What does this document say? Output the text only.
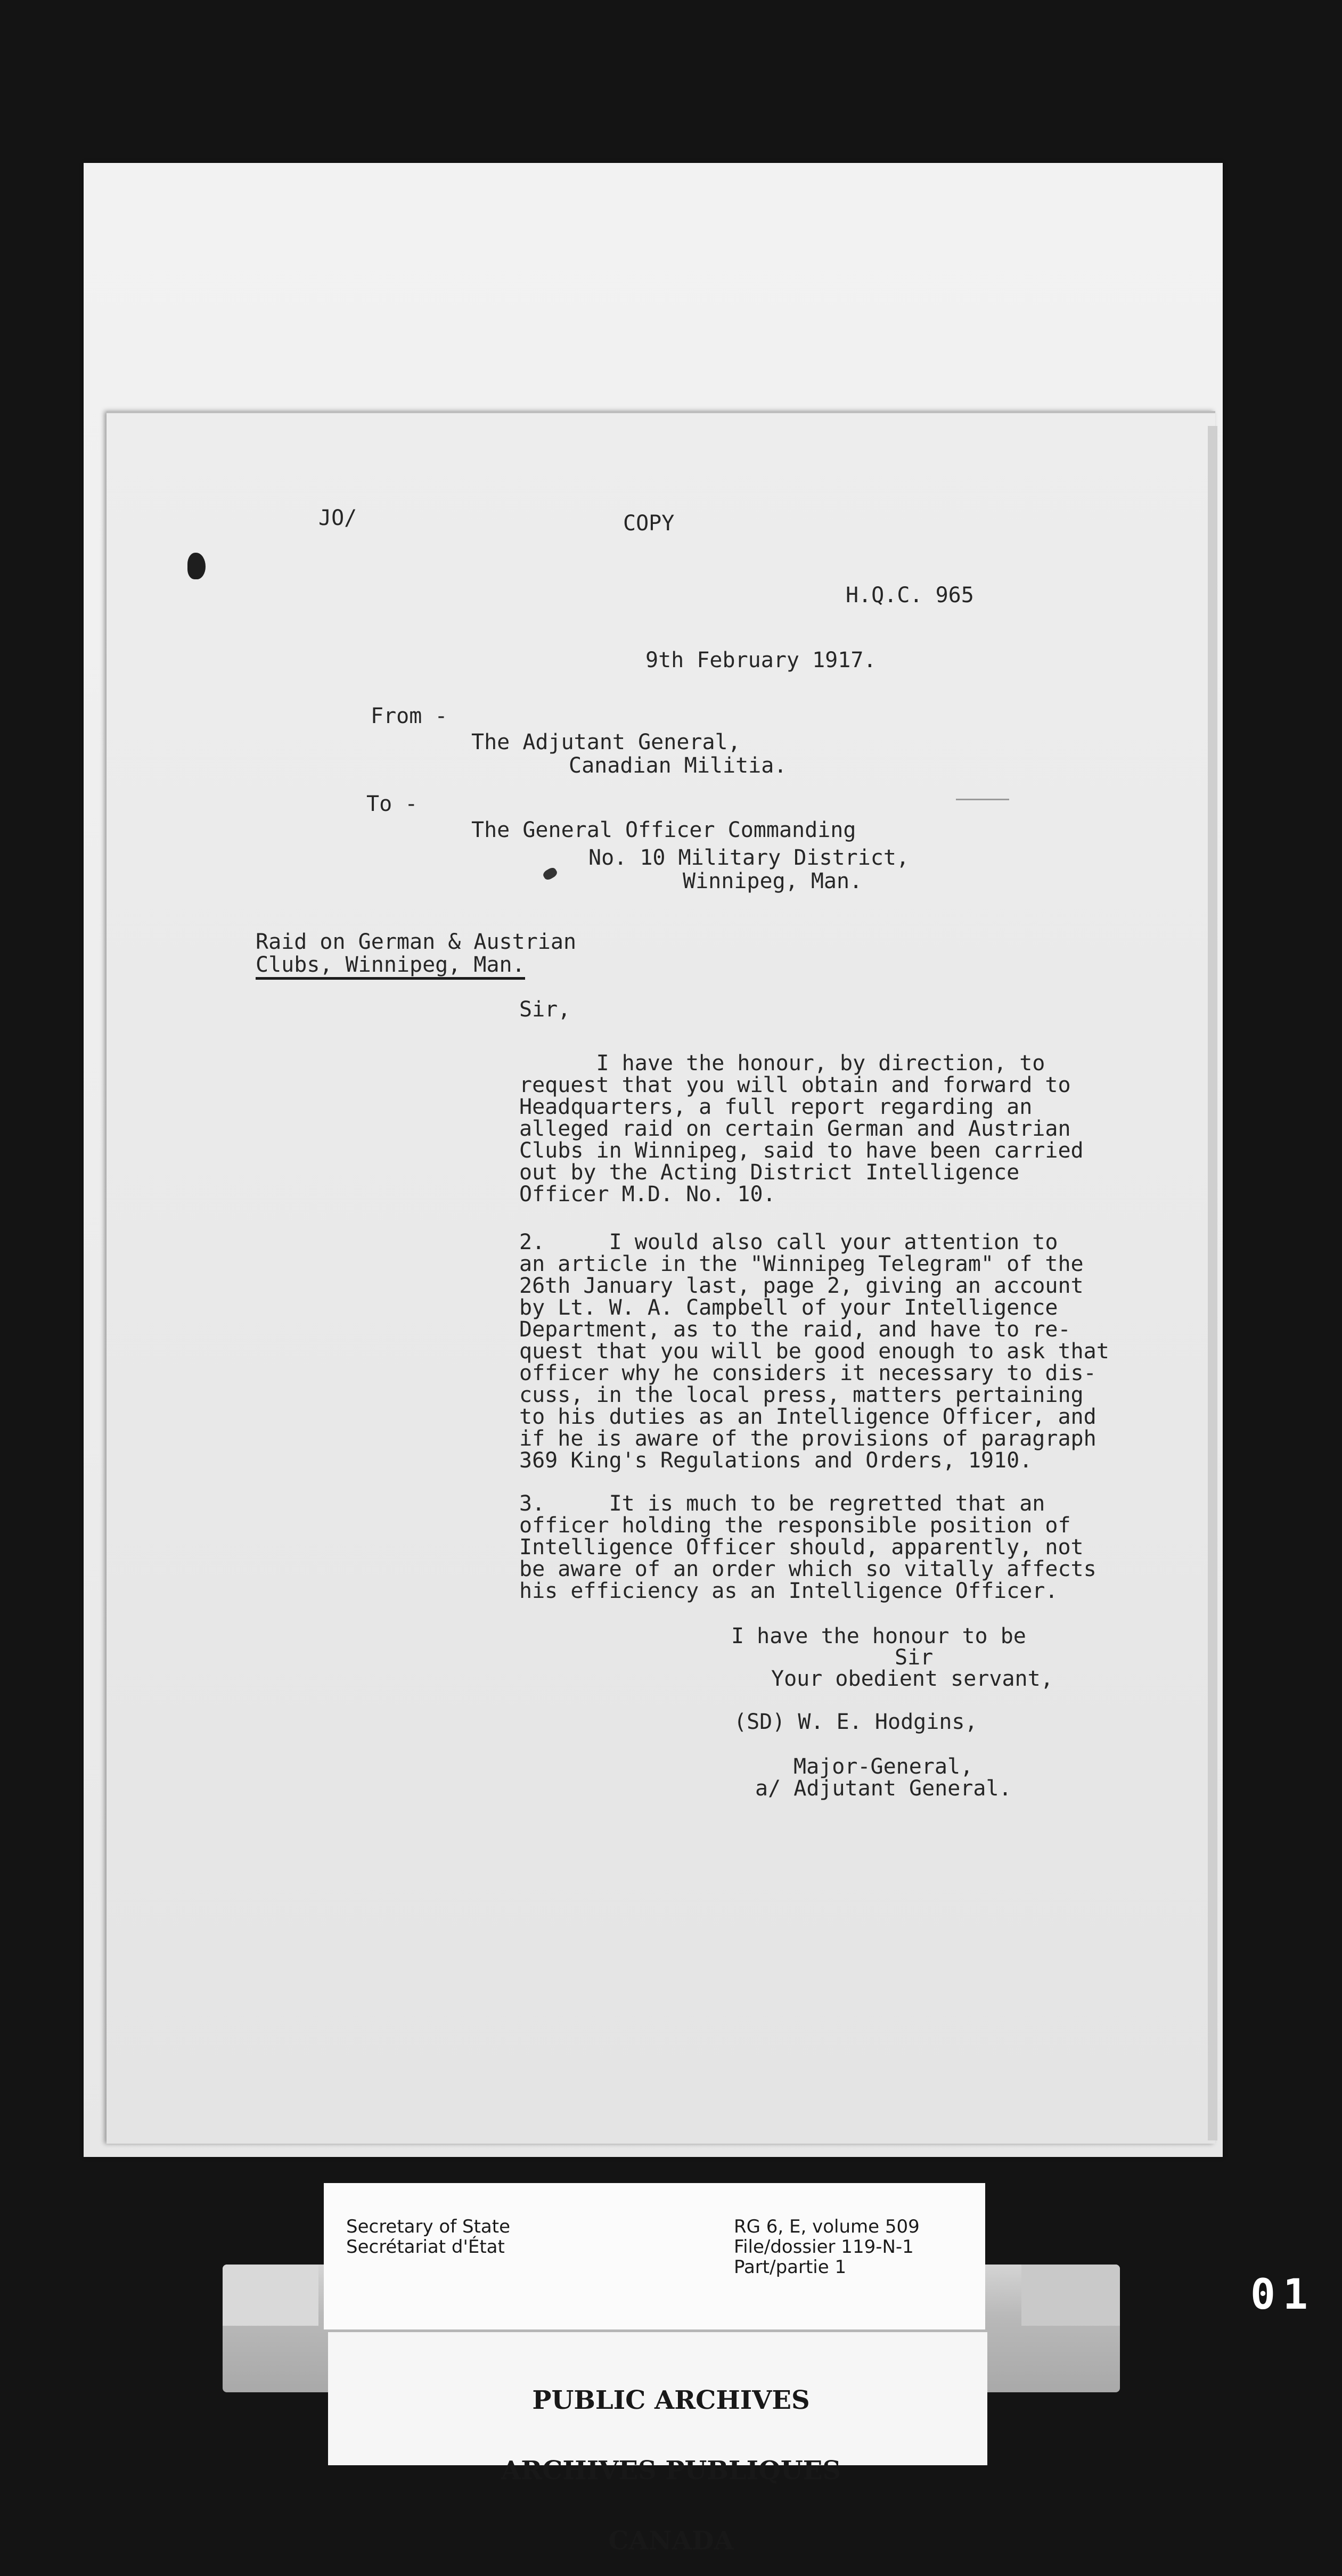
JO/	COPY

H.Q.C. 965

9th February 1917.

From -

The Adjutant General,

Canadian Militia.

To -

The General Officer Commanding

No. 10 Military District,

Winnipeg, Man.

Raid on German & Austrian

Clubs, Winnipeg, Man.

Sir,

I have the honour, by direction, to

request that you will obtain and forward to

Headquarters, a full report regarding an

alleged raid on certain German and Austrian

Clubs in Winnipeg, said to have been carried

out by the Acting District Intelligence

Officer M.D. No. 10.

2.     I would also call your attention to

an article in the "Winnipeg Telegram" of the

26th January last, page 2, giving an account

by Lt. W. A. Campbell of your Intelligence

Department, as to the raid, and have to re-

quest that you will be good enough to ask that

officer why he considers it necessary to dis-

cuss, in the local press, matters pertaining

to his duties as an Intelligence Officer, and

if he is aware of the provisions of paragraph

369 King's Regulations and Orders, 1910.

3.     It is much to be regretted that an

officer holding the responsible position of

Intelligence Officer should, apparently, not

be aware of an order which so vitally affects

his efficiency as an Intelligence Officer.

I have the honour to be

Sir

Your obedient servant,

(SD) W. E. Hodgins,

Major-General,

a/ Adjutant General.

Secretary of State

Secrétariat d'État

RG 6, E, volume 509

File/dossier 119-N-1

Part/partie 1

PUBLIC ARCHIVES

ARCHIVES PUBLIQUES

CANADA

01
